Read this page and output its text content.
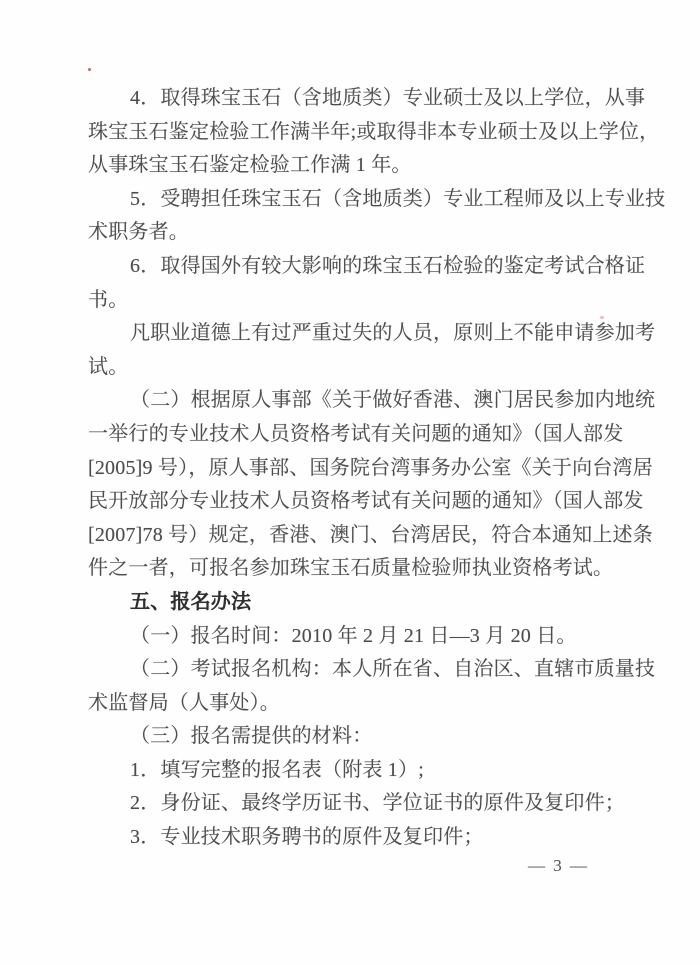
4．取得珠宝玉石（含地质类）专业硕士及以上学位，从事
珠宝玉石鉴定检验工作满半年;或取得非本专业硕士及以上学位，
从事珠宝玉石鉴定检验工作满 1 年。
5．受聘担任珠宝玉石（含地质类）专业工程师及以上专业技
术职务者。
6．取得国外有较大影响的珠宝玉石检验的鉴定考试合格证
书。
凡职业道德上有过严重过失的人员，原则上不能申请参加考
试。
（二）根据原人事部《关于做好香港、澳门居民参加内地统
一举行的专业技术人员资格考试有关问题的通知》（国人部发
[2005]9 号），原人事部、国务院台湾事务办公室《关于向台湾居
民开放部分专业技术人员资格考试有关问题的通知》（国人部发
[2007]78 号）规定，香港、澳门、台湾居民，符合本通知上述条
件之一者，可报名参加珠宝玉石质量检验师执业资格考试。
五、报名办法
（一）报名时间：2010 年 2 月 21 日—3 月 20 日。
（二）考试报名机构：本人所在省、自治区、直辖市质量技
术监督局（人事处）。
（三）报名需提供的材料：
1．填写完整的报名表（附表 1）;
2．身份证、最终学历证书、学位证书的原件及复印件；
3．专业技术职务聘书的原件及复印件；
— 3 —
